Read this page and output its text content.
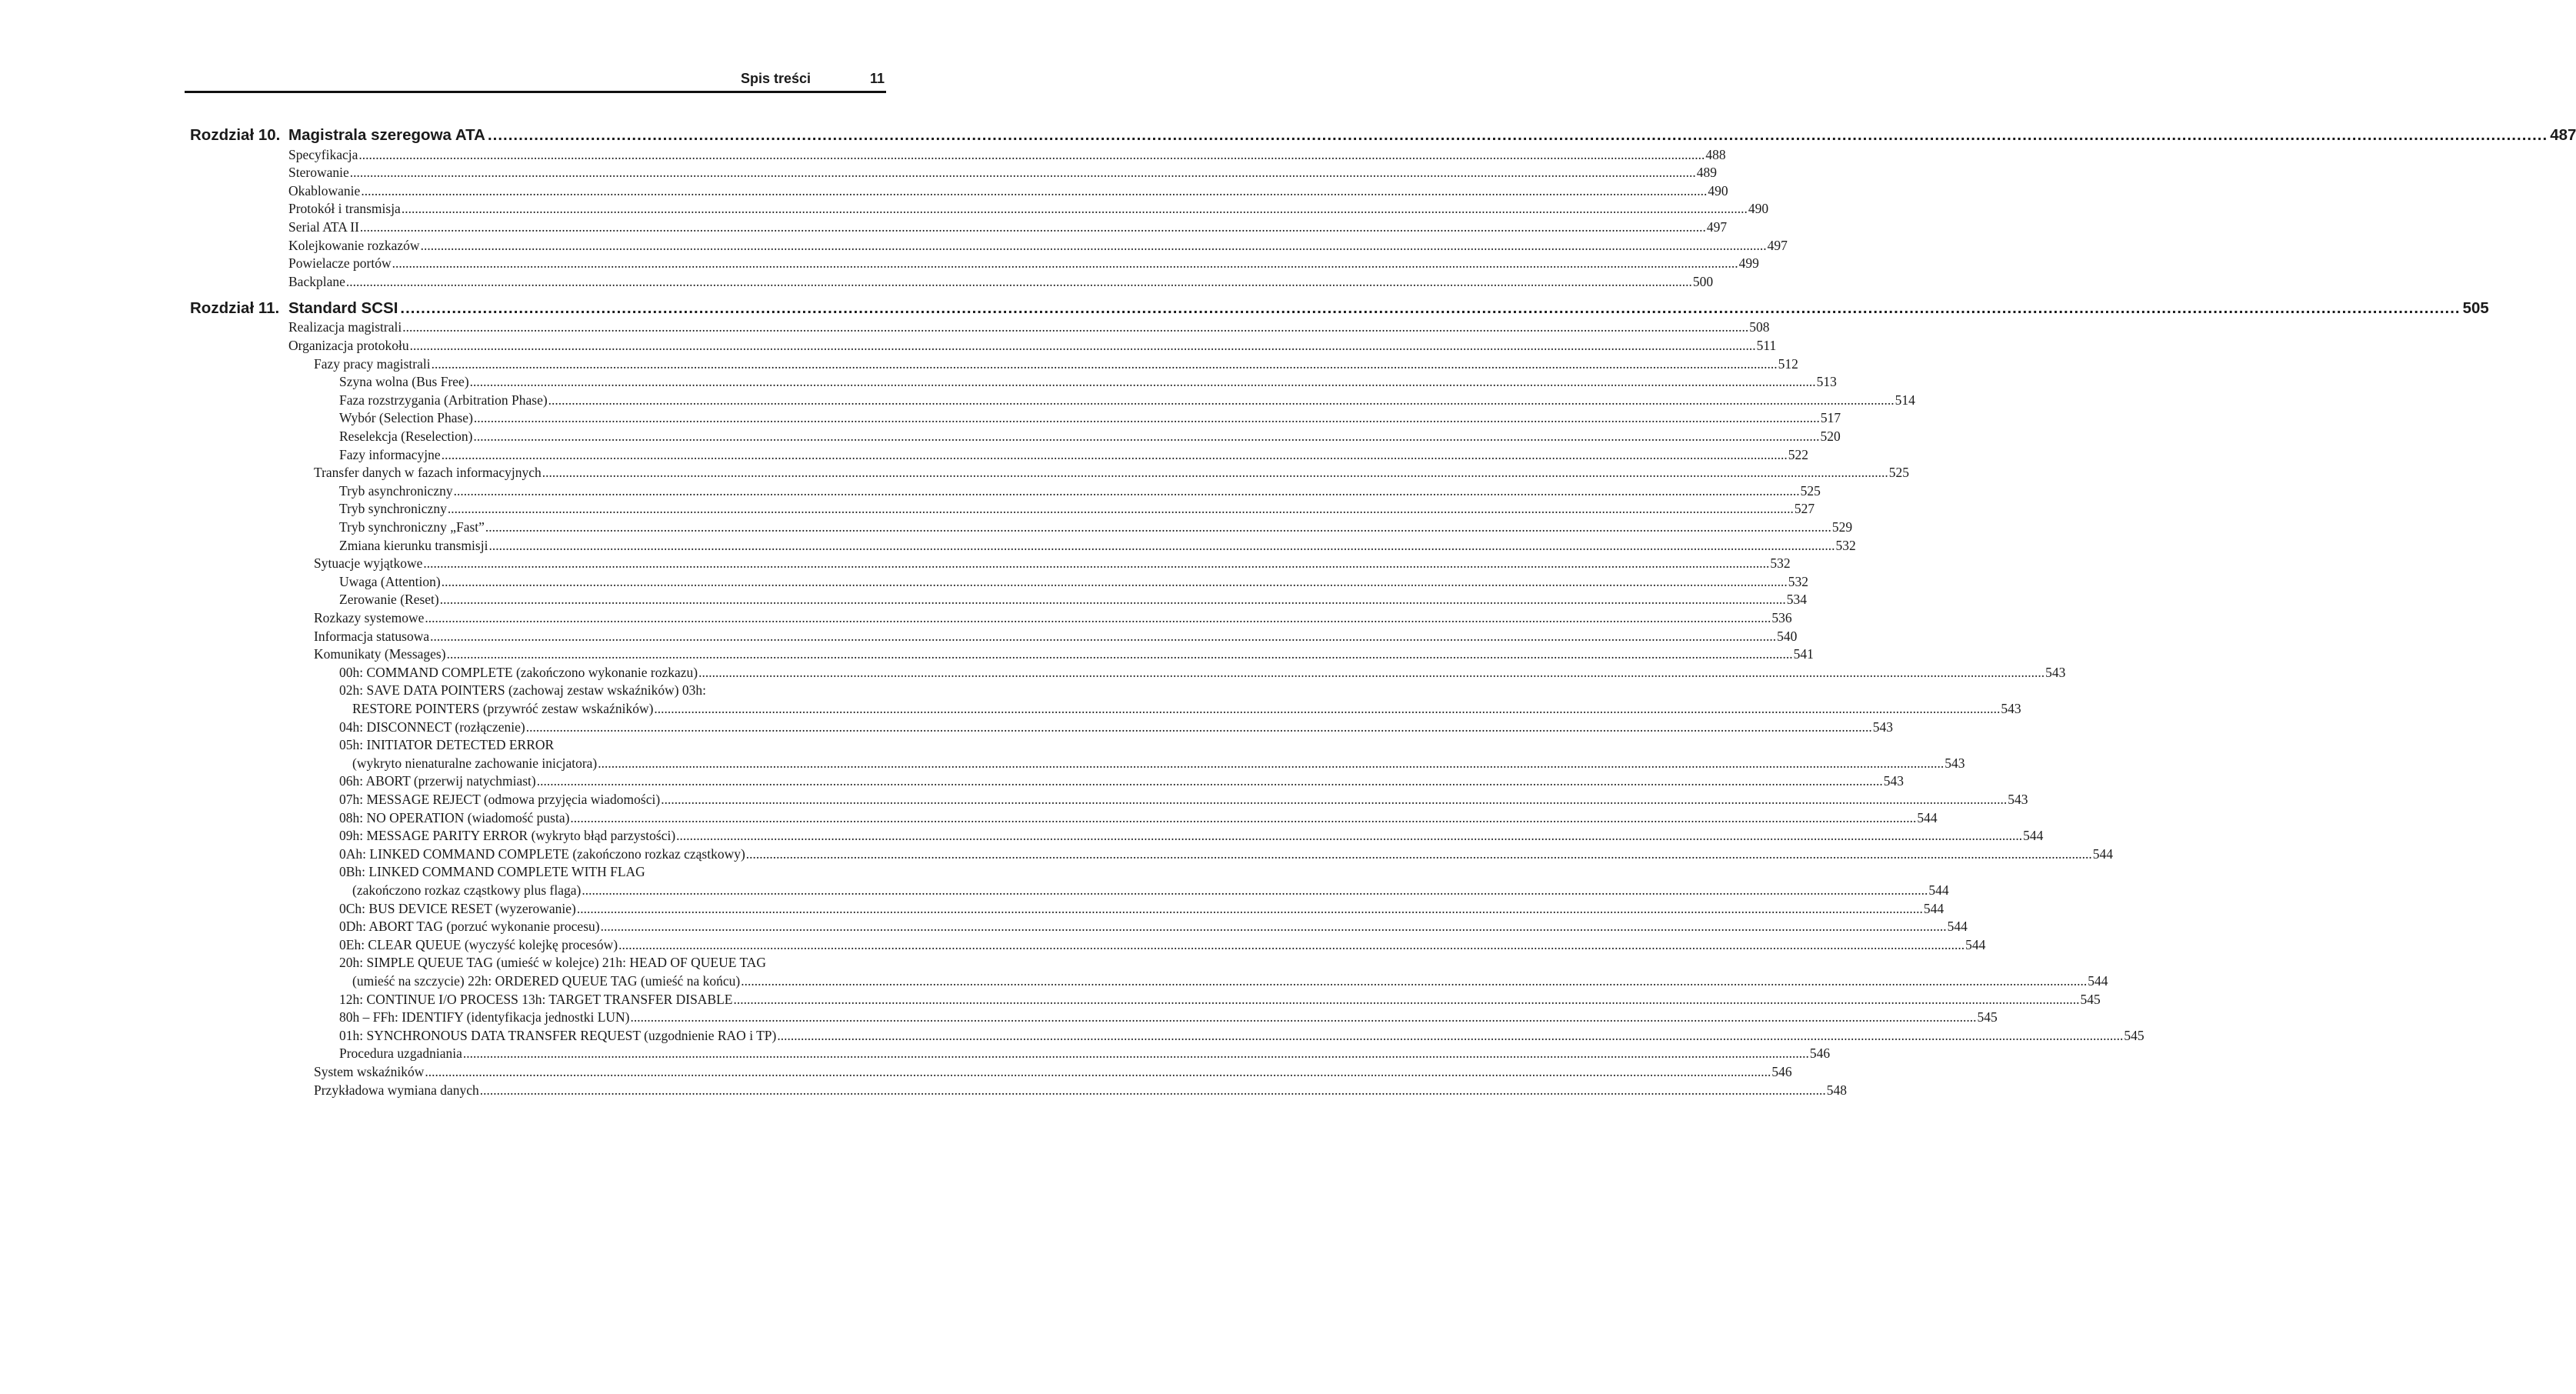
Spis treści	11
Rozdział 10. Magistrala szeregowa ATA ................................................................................................................................................................................................................................................................................................................................................................................................................ 487
Specyfikacja ................................................................................................................................................................................................................................................................................................................................................................................................................ 488
Sterowanie ................................................................................................................................................................................................................................................................................................................................................................................................................ 489
Okablowanie ................................................................................................................................................................................................................................................................................................................................................................................................................ 490
Protokół i transmisja ................................................................................................................................................................................................................................................................................................................................................................................................................ 490
Serial ATA II ................................................................................................................................................................................................................................................................................................................................................................................................................ 497
Kolejkowanie rozkazów ................................................................................................................................................................................................................................................................................................................................................................................................................ 497
Powielacze portów ................................................................................................................................................................................................................................................................................................................................................................................................................ 499
Backplane ................................................................................................................................................................................................................................................................................................................................................................................................................ 500
Rozdział 11. Standard SCSI ................................................................................................................................................................................................................................................................................................................................................................................................................ 505
Realizacja magistrali ................................................................................................................................................................................................................................................................................................................................................................................................................ 508
Organizacja protokołu ................................................................................................................................................................................................................................................................................................................................................................................................................ 511
Fazy pracy magistrali ................................................................................................................................................................................................................................................................................................................................................................................................................ 512
Szyna wolna (Bus Free) ................................................................................................................................................................................................................................................................................................................................................................................................................ 513
Faza rozstrzygania (Arbitration Phase) ................................................................................................................................................................................................................................................................................................................................................................................................................ 514
Wybór (Selection Phase) ................................................................................................................................................................................................................................................................................................................................................................................................................ 517
Reselekcja (Reselection) ................................................................................................................................................................................................................................................................................................................................................................................................................ 520
Fazy informacyjne ................................................................................................................................................................................................................................................................................................................................................................................................................ 522
Transfer danych w fazach informacyjnych ................................................................................................................................................................................................................................................................................................................................................................................................................ 525
Tryb asynchroniczny ................................................................................................................................................................................................................................................................................................................................................................................................................ 525
Tryb synchroniczny ................................................................................................................................................................................................................................................................................................................................................................................................................ 527
Tryb synchroniczny „Fast” ................................................................................................................................................................................................................................................................................................................................................................................................................ 529
Zmiana kierunku transmisji ................................................................................................................................................................................................................................................................................................................................................................................................................ 532
Sytuacje wyjątkowe ................................................................................................................................................................................................................................................................................................................................................................................................................ 532
Uwaga (Attention) ................................................................................................................................................................................................................................................................................................................................................................................................................ 532
Zerowanie (Reset) ................................................................................................................................................................................................................................................................................................................................................................................................................ 534
Rozkazy systemowe ................................................................................................................................................................................................................................................................................................................................................................................................................ 536
Informacja statusowa ................................................................................................................................................................................................................................................................................................................................................................................................................ 540
Komunikaty (Messages) ................................................................................................................................................................................................................................................................................................................................................................................................................ 541
00h: COMMAND COMPLETE (zakończono wykonanie rozkazu) ................................................................................................................................................................................................................................................................................................................................................................................................................ 543
02h: SAVE DATA POINTERS (zachowaj zestaw wskaźników) 03h:
RESTORE POINTERS (przywróć zestaw wskaźników) ................................................................................................................................................................................................................................................................................................................................................................................................................ 543
04h: DISCONNECT (rozłączenie) ................................................................................................................................................................................................................................................................................................................................................................................................................ 543
05h: INITIATOR DETECTED ERROR
(wykryto nienaturalne zachowanie inicjatora) ................................................................................................................................................................................................................................................................................................................................................................................................................ 543
06h: ABORT (przerwij natychmiast) ................................................................................................................................................................................................................................................................................................................................................................................................................ 543
07h: MESSAGE REJECT (odmowa przyjęcia wiadomości) ................................................................................................................................................................................................................................................................................................................................................................................................................ 543
08h: NO OPERATION (wiadomość pusta) ................................................................................................................................................................................................................................................................................................................................................................................................................ 544
09h: MESSAGE PARITY ERROR (wykryto błąd parzystości) ................................................................................................................................................................................................................................................................................................................................................................................................................ 544
0Ah: LINKED COMMAND COMPLETE (zakończono rozkaz cząstkowy) ................................................................................................................................................................................................................................................................................................................................................................................................................ 544
0Bh: LINKED COMMAND COMPLETE WITH FLAG
(zakończono rozkaz cząstkowy plus flaga) ................................................................................................................................................................................................................................................................................................................................................................................................................ 544
0Ch: BUS DEVICE RESET (wyzerowanie) ................................................................................................................................................................................................................................................................................................................................................................................................................ 544
0Dh: ABORT TAG (porzuć wykonanie procesu) ................................................................................................................................................................................................................................................................................................................................................................................................................ 544
0Eh: CLEAR QUEUE (wyczyść kolejkę procesów) ................................................................................................................................................................................................................................................................................................................................................................................................................ 544
20h: SIMPLE QUEUE TAG (umieść w kolejce) 21h: HEAD OF QUEUE TAG
(umieść na szczycie) 22h: ORDERED QUEUE TAG (umieść na końcu) ................................................................................................................................................................................................................................................................................................................................................................................................................ 544
12h: CONTINUE I/O PROCESS 13h: TARGET TRANSFER DISABLE ................................................................................................................................................................................................................................................................................................................................................................................................................ 545
80h – FFh: IDENTIFY (identyfikacja jednostki LUN) ................................................................................................................................................................................................................................................................................................................................................................................................................ 545
01h: SYNCHRONOUS DATA TRANSFER REQUEST (uzgodnienie RAO i TP) ................................................................................................................................................................................................................................................................................................................................................................................................................ 545
Procedura uzgadniania ................................................................................................................................................................................................................................................................................................................................................................................................................ 546
System wskaźników ................................................................................................................................................................................................................................................................................................................................................................................................................ 546
Przykładowa wymiana danych ................................................................................................................................................................................................................................................................................................................................................................................................................ 548
